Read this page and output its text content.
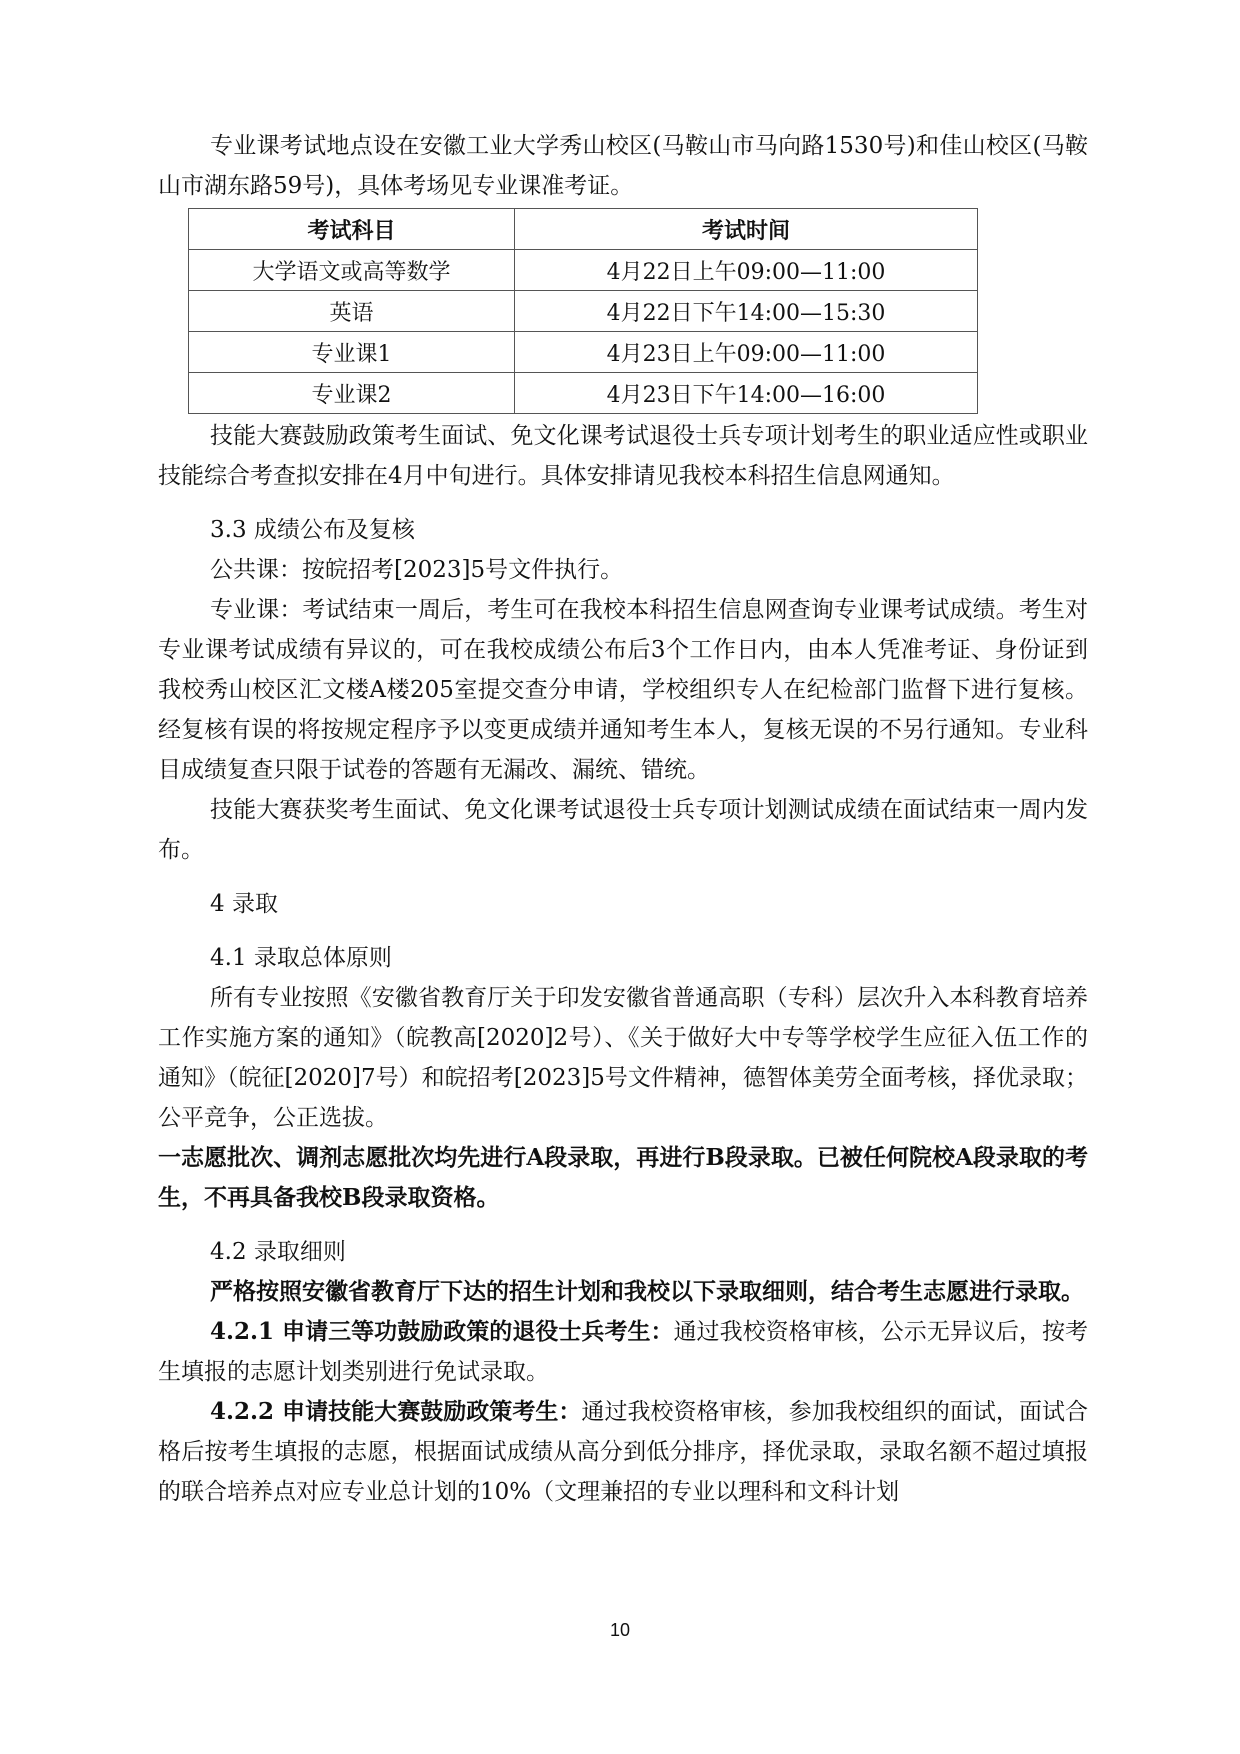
专业课考试地点设在安徽工业大学秀山校区(马鞍山市马向路1530号)和佳山校区(马鞍山市湖东路59号)，具体考场见专业课准考证。

考试科目	考试时间
大学语文或高等数学	4月22日上午09:00—11:00
英语	4月22日下午14:00—15:30
专业课1	4月23日上午09:00—11:00
专业课2	4月23日下午14:00—16:00

技能大赛鼓励政策考生面试、免文化课考试退役士兵专项计划考生的职业适应性或职业技能综合考查拟安排在4月中旬进行。具体安排请见我校本科招生信息网通知。

3.3 成绩公布及复核

公共课：按皖招考[2023]5号文件执行。

专业课：考试结束一周后，考生可在我校本科招生信息网查询专业课考试成绩。考生对专业课考试成绩有异议的，可在我校成绩公布后3个工作日内，由本人凭准考证、身份证到我校秀山校区汇文楼A楼205室提交查分申请，学校组织专人在纪检部门监督下进行复核。经复核有误的将按规定程序予以变更成绩并通知考生本人，复核无误的不另行通知。专业科目成绩复查只限于试卷的答题有无漏改、漏统、错统。

技能大赛获奖考生面试、免文化课考试退役士兵专项计划测试成绩在面试结束一周内发布。

4 录取
4.1 录取总体原则

所有专业按照《安徽省教育厅关于印发安徽省普通高职（专科）层次升入本科教育培养工作实施方案的通知》（皖教高[2020]2号）、《关于做好大中专等学校学生应征入伍工作的通知》（皖征[2020]7号）和皖招考[2023]5号文件精神，德智体美劳全面考核，择优录取；公平竞争，公正选拔。

一志愿批次、调剂志愿批次均先进行A段录取，再进行B段录取。已被任何院校A段录取的考生，不再具备我校B段录取资格。

4.2 录取细则

严格按照安徽省教育厅下达的招生计划和我校以下录取细则，结合考生志愿进行录取。

4.2.1 申请三等功鼓励政策的退役士兵考生：通过我校资格审核，公示无异议后，按考生填报的志愿计划类别进行免试录取。

4.2.2 申请技能大赛鼓励政策考生：通过我校资格审核，参加我校组织的面试，面试合格后按考生填报的志愿，根据面试成绩从高分到低分排序，择优录取，录取名额不超过填报的联合培养点对应专业总计划的10%（文理兼招的专业以理科和文科计划

10
